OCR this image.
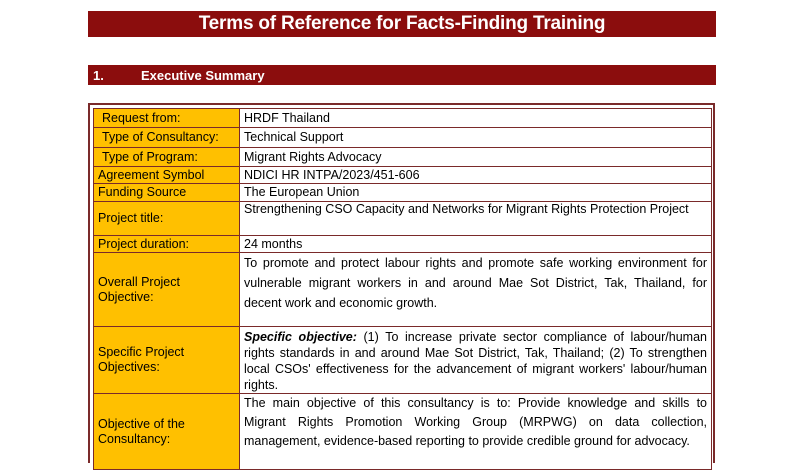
Terms of Reference for Facts-Finding Training
1.	Executive Summary
Request from:	HRDF Thailand
Type of Consultancy:	Technical Support
Type of Program:	Migrant Rights Advocacy
Agreement Symbol	NDICI HR INTPA/2023/451-606
Funding Source	The European Union
Project title:	Strengthening CSO Capacity and Networks for Migrant Rights Protection Project
Project duration:	24 months
Overall Project Objective:	To promote and protect labour rights and promote safe working environment for vulnerable migrant workers in and around Mae Sot District, Tak, Thailand, for decent work and economic growth.
Specific Project Objectives:	Specific objective: (1) To increase private sector compliance of labour/human rights standards in and around Mae Sot District, Tak, Thailand; (2) To strengthen local CSOs' effectiveness for the advancement of migrant workers' labour/human rights.
Objective of the Consultancy:	The main objective of this consultancy is to: Provide knowledge and skills to Migrant Rights Promotion Working Group (MRPWG) on data collection, management, evidence-based reporting to provide credible ground for advocacy.
